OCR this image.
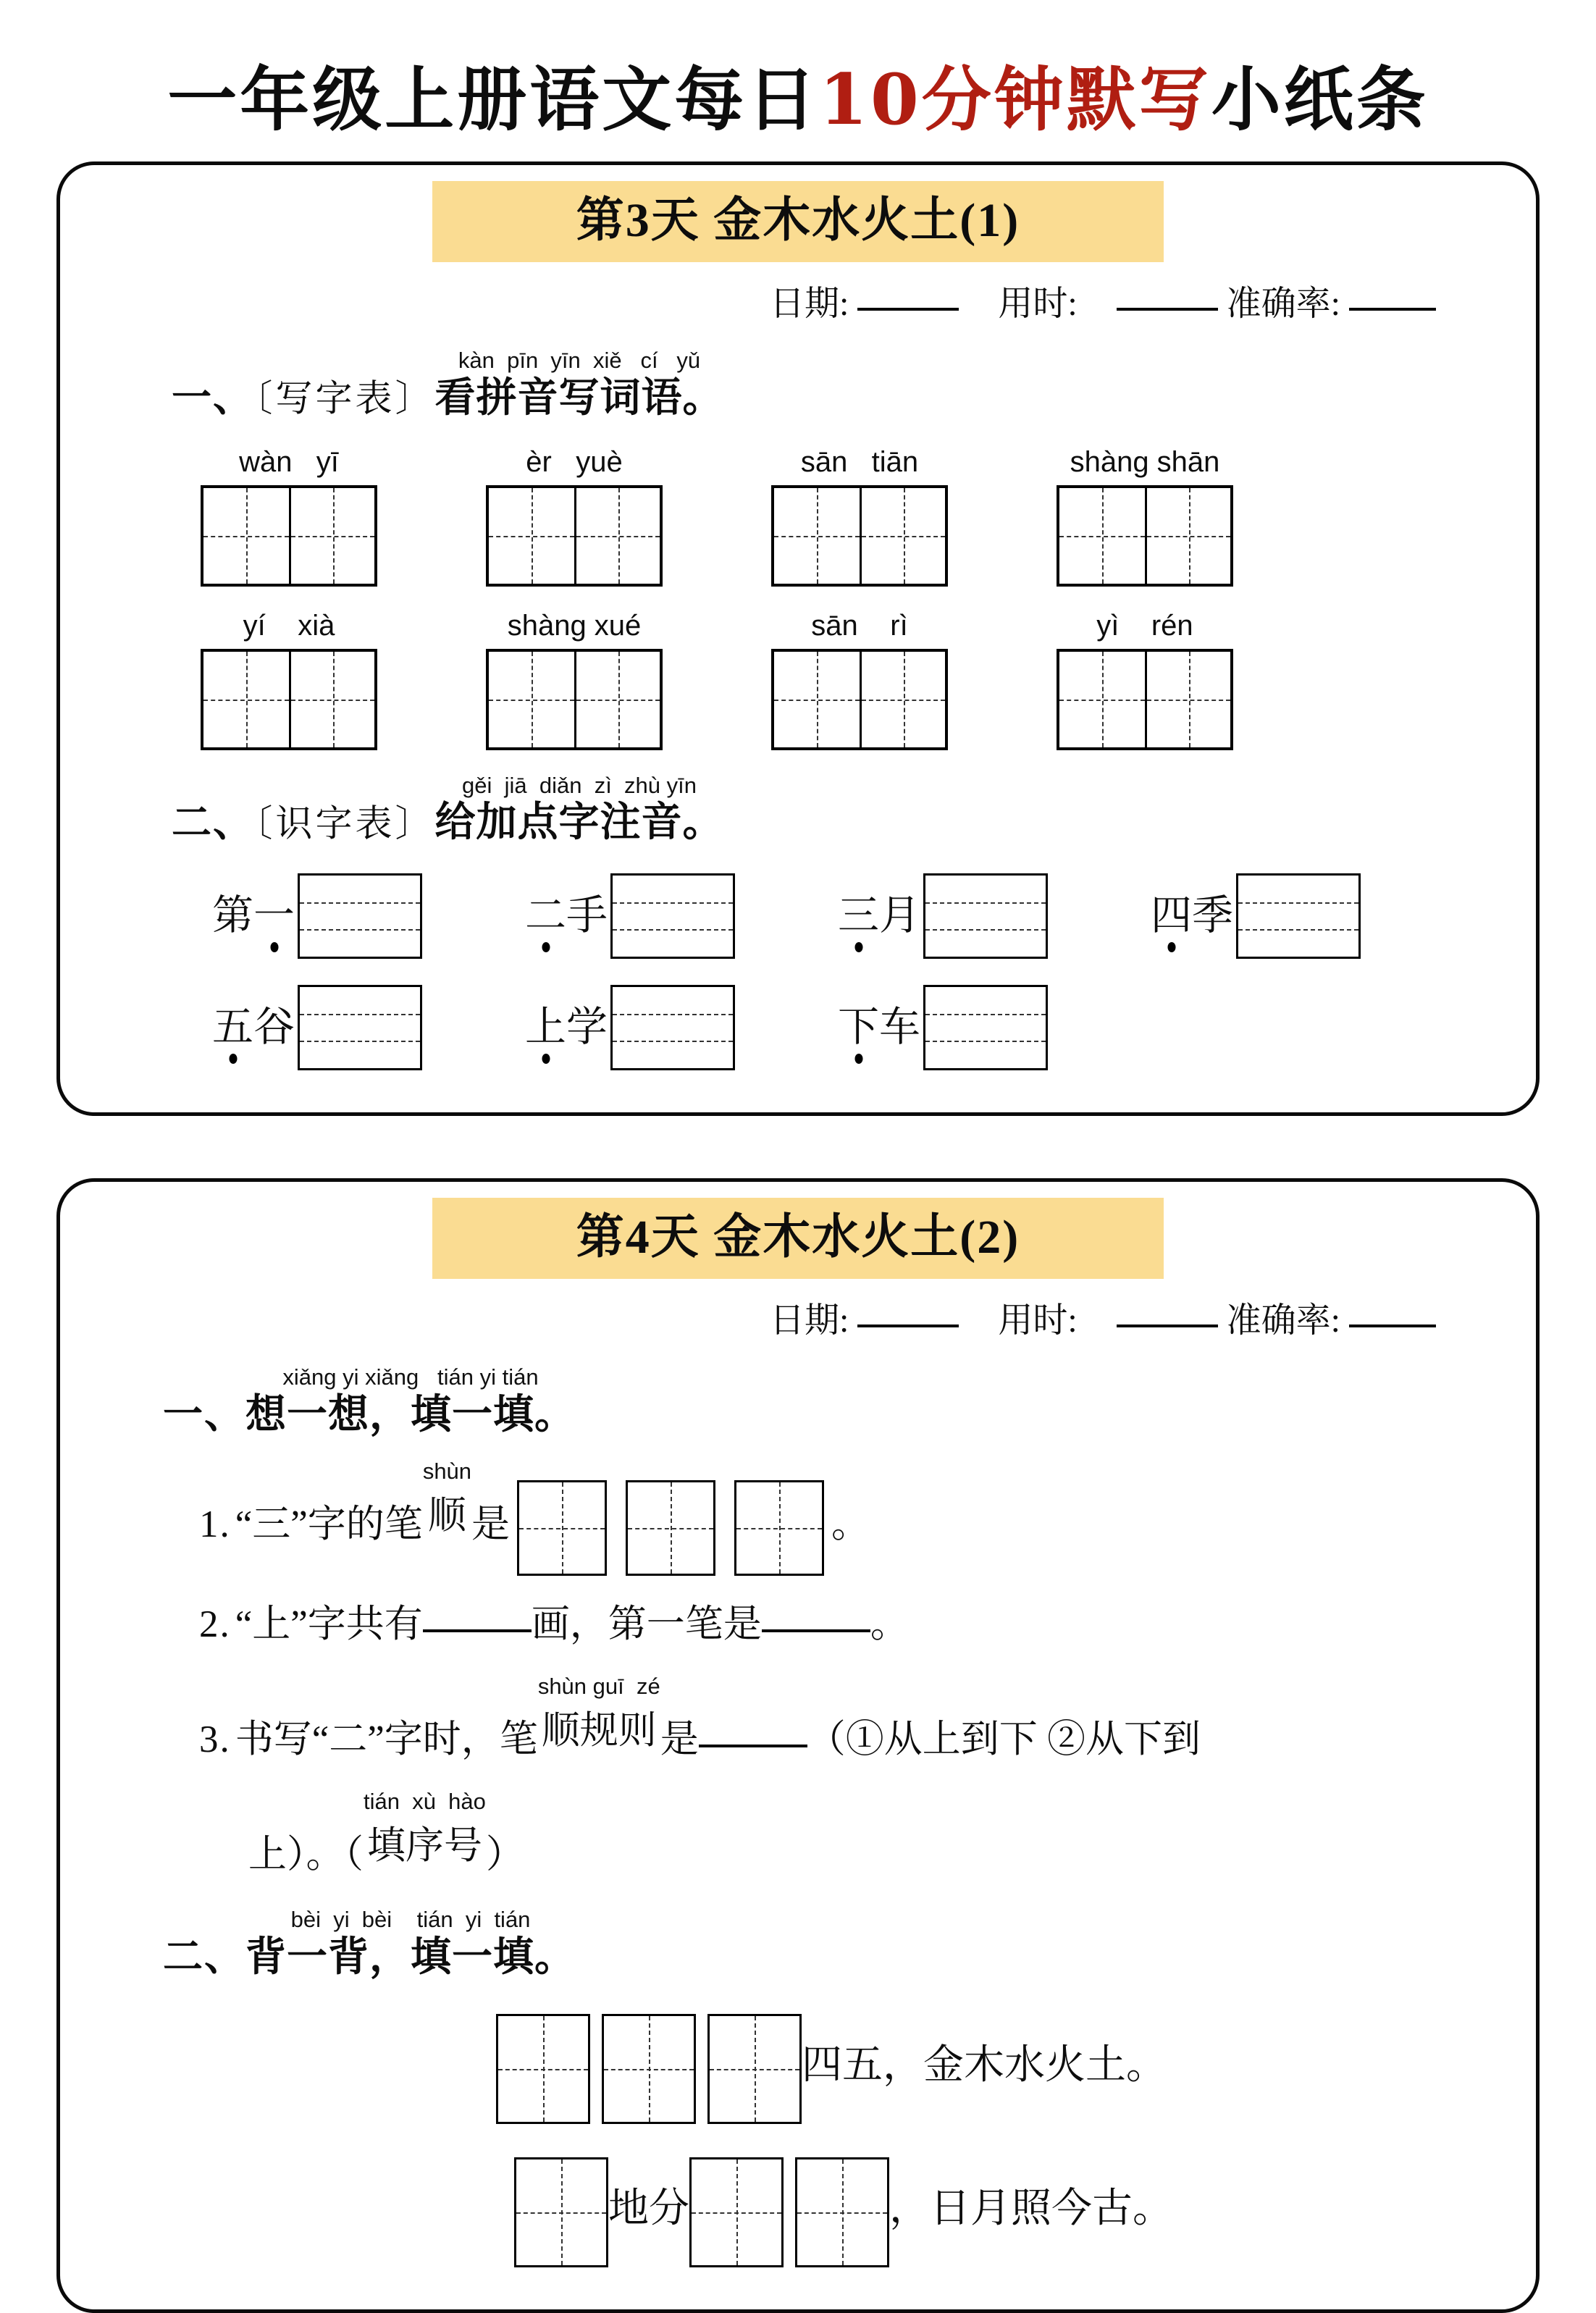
一年级上册语文每日10分钟默写小纸条
第3天 金木水火土(1)
日期:	用时:	准确率:
一、〔写字表〕
kàn  pīn  yīn  xiě   cí   yǔ
看拼音写词语。
wàn   yī	èr   yuè	sān   tiān	shàng shān
yí    xià	shàng xué	sān    rì	yì    rén
二、〔识字表〕
gěi  jiā  diǎn  zì  zhù yīn
给加点字注音。
第一	二手	三月	四季
五谷	上学	下车
第4天 金木水火土(2)
日期:	用时:	准确率:
一、
xiǎng yi xiǎng   tián yi tián
想一想，填一填。
1. “三”字的笔
shùn
顺 是	。
2. “上”字共有	画，第一笔是	。
3. 书写“二”字时，笔
shùn guī  zé
顺规则 是	（①从上到下 ②从下到
上）。（
tián  xù  hào
填序号 ）
二、
bèi  yi  bèi    tián  yi  tián
背一背，填一填。
四五，金木水火土。
地分	，日月照今古。
